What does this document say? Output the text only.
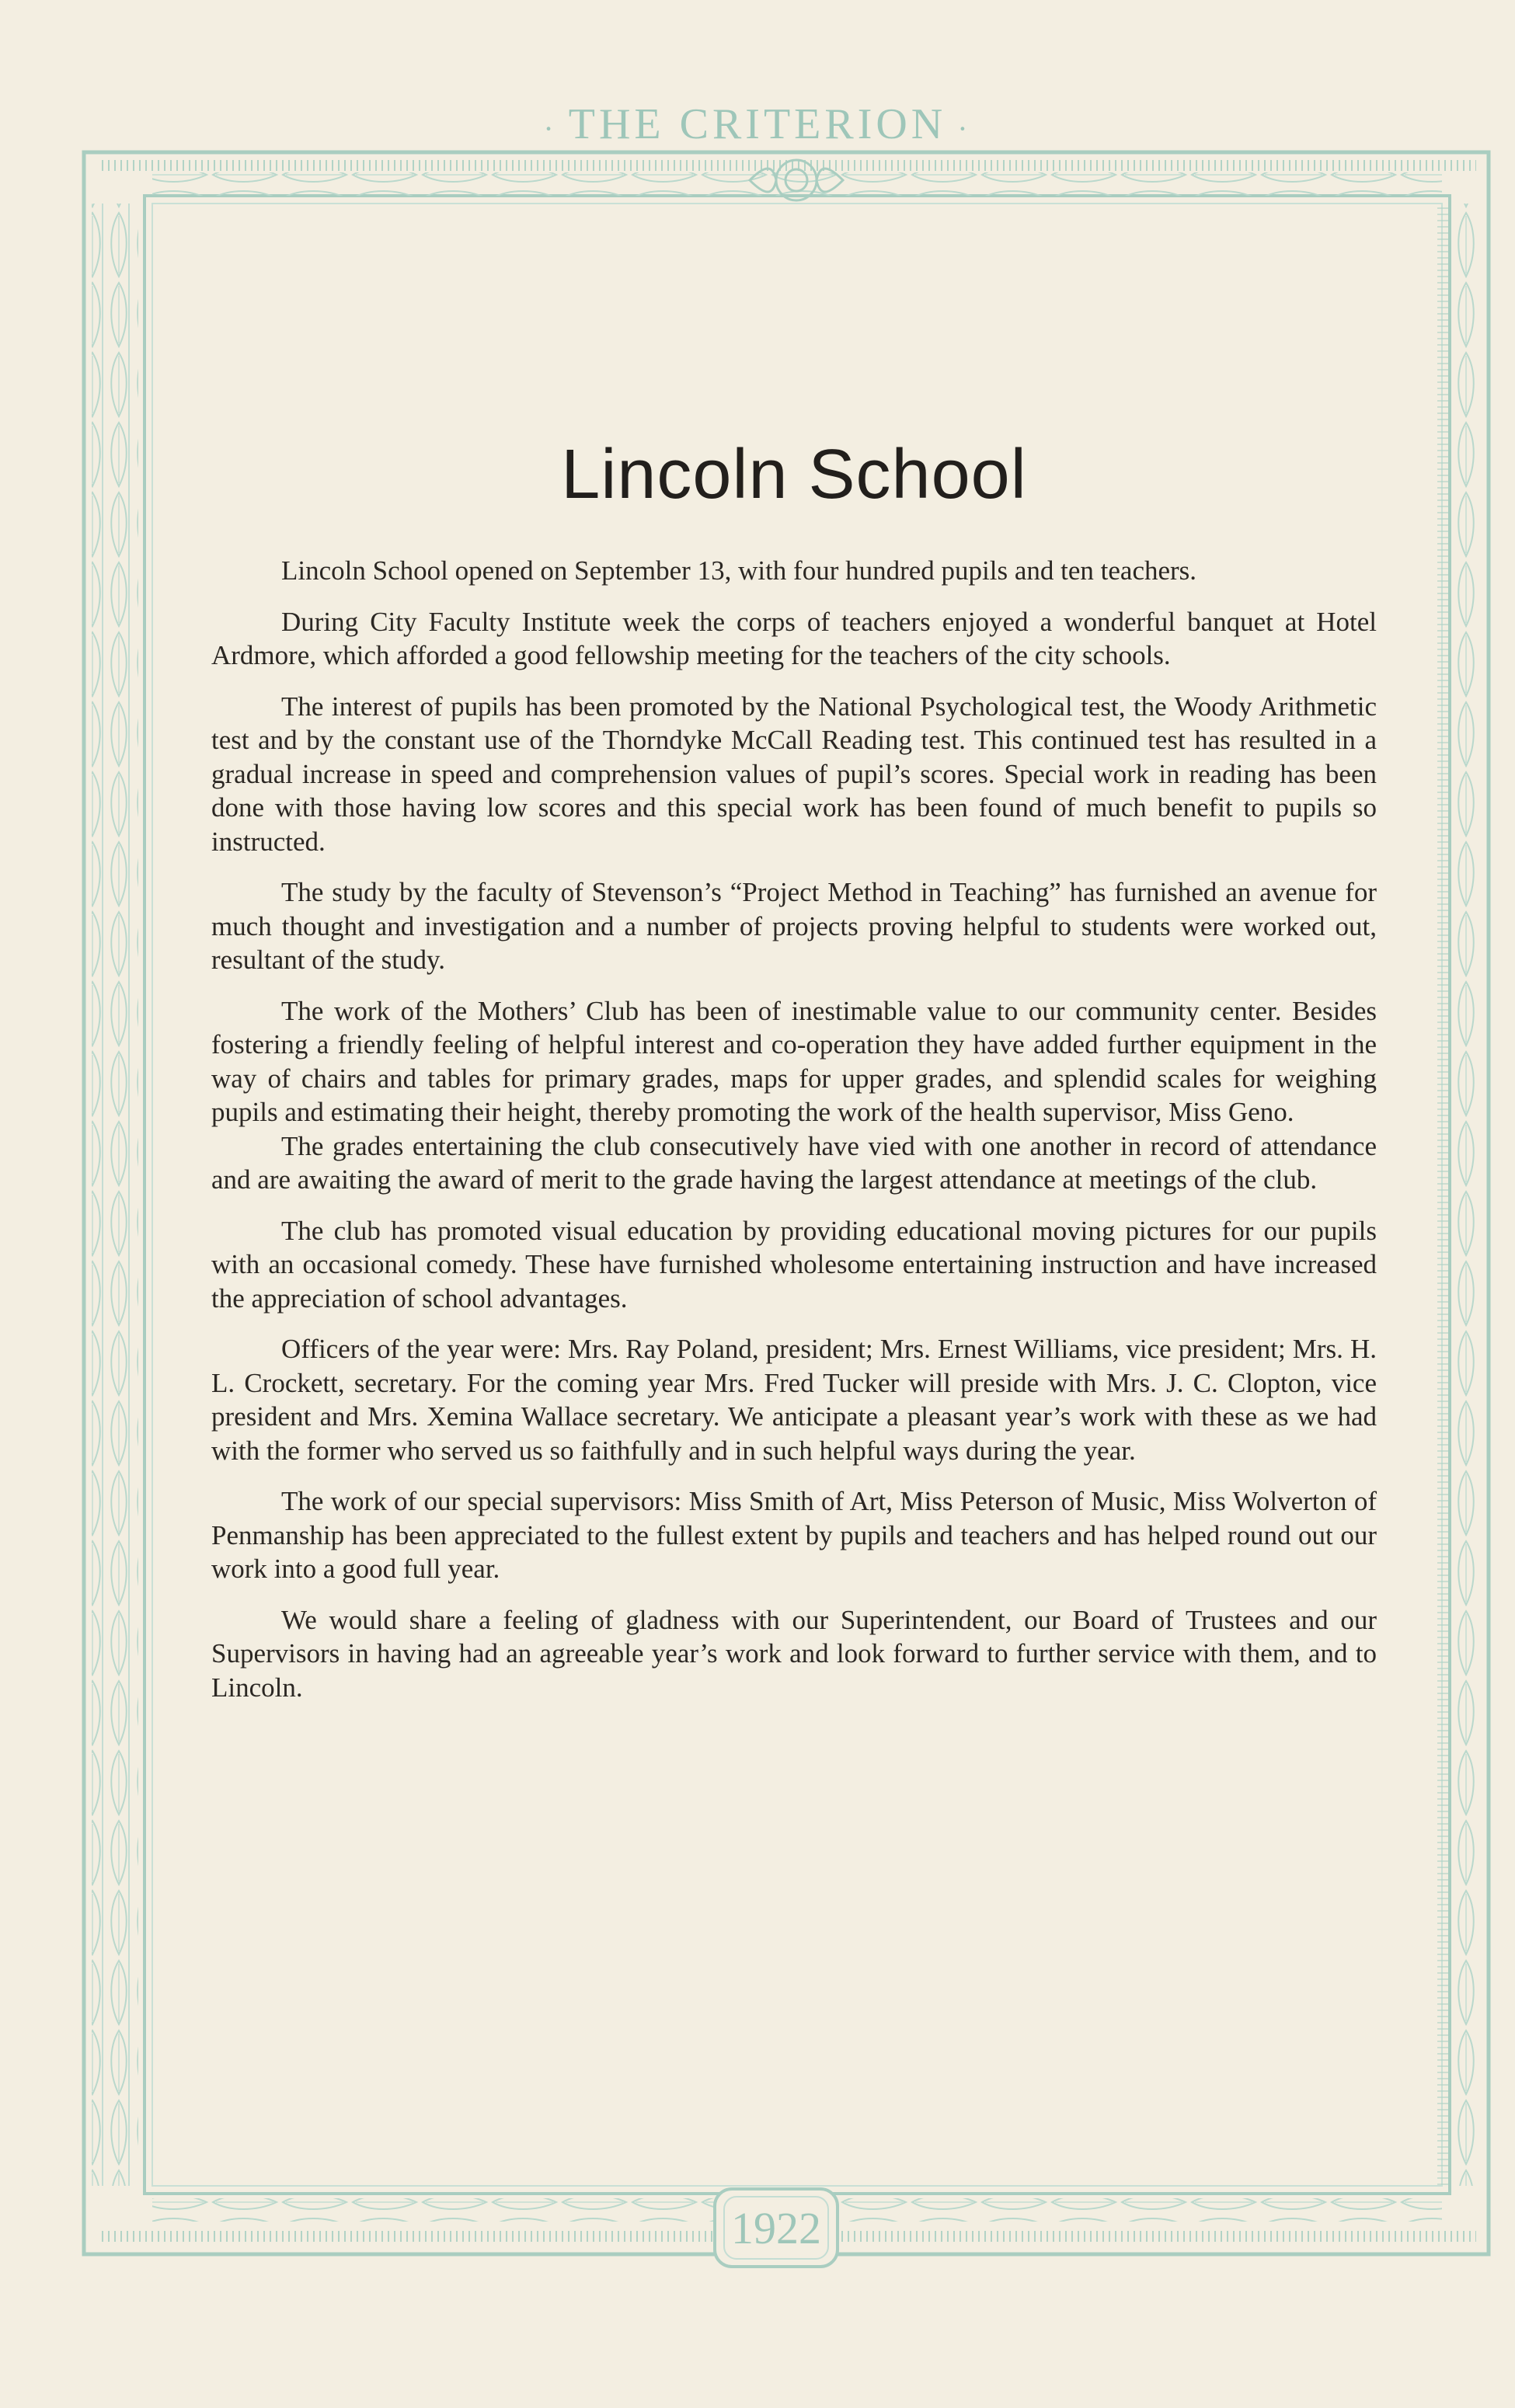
· THE CRITERION ·
1922
Lincoln School

Lincoln School opened on September 13, with four hundred pupils and ten teachers.

During City Faculty Institute week the corps of teachers enjoyed a wonderful banquet at Hotel Ardmore, which afforded a good fellowship meeting for the teachers of the city schools.

The interest of pupils has been promoted by the National Psychological test, the Woody Arithmetic test and by the constant use of the Thorndyke McCall Reading test. This continued test has resulted in a gradual increase in speed and comprehension values of pupil’s scores. Special work in reading has been done with those having low scores and this special work has been found of much benefit to pupils so instructed.

The study by the faculty of Stevenson’s “Project Method in Teaching” has furnished an avenue for much thought and investigation and a number of projects proving helpful to students were worked out, resultant of the study.

The work of the Mothers’ Club has been of inestimable value to our community center. Besides fostering a friendly feeling of helpful interest and co-operation they have added further equipment in the way of chairs and tables for primary grades, maps for upper grades, and splendid scales for weighing pupils and estimating their height, thereby promoting the work of the health supervisor, Miss Geno.

The grades entertaining the club consecutively have vied with one another in record of attendance and are awaiting the award of merit to the grade having the largest attendance at meetings of the club.

The club has promoted visual education by providing educational moving pictures for our pupils with an occasional comedy. These have furnished wholesome entertaining instruction and have increased the appreciation of school advantages.

Officers of the year were: Mrs. Ray Poland, president; Mrs. Ernest Williams, vice president; Mrs. H. L. Crockett, secretary. For the coming year Mrs. Fred Tucker will preside with Mrs. J. C. Clopton, vice president and Mrs. Xemina Wallace secretary. We anticipate a pleasant year’s work with these as we had with the former who served us so faithfully and in such helpful ways during the year.

The work of our special supervisors: Miss Smith of Art, Miss Peterson of Music, Miss Wolverton of Penmanship has been appreciated to the fullest extent by pupils and teachers and has helped round out our work into a good full year.

We would share a feeling of gladness with our Superintendent, our Board of Trustees and our Supervisors in having had an agreeable year’s work and look forward to further service with them, and to Lincoln.
